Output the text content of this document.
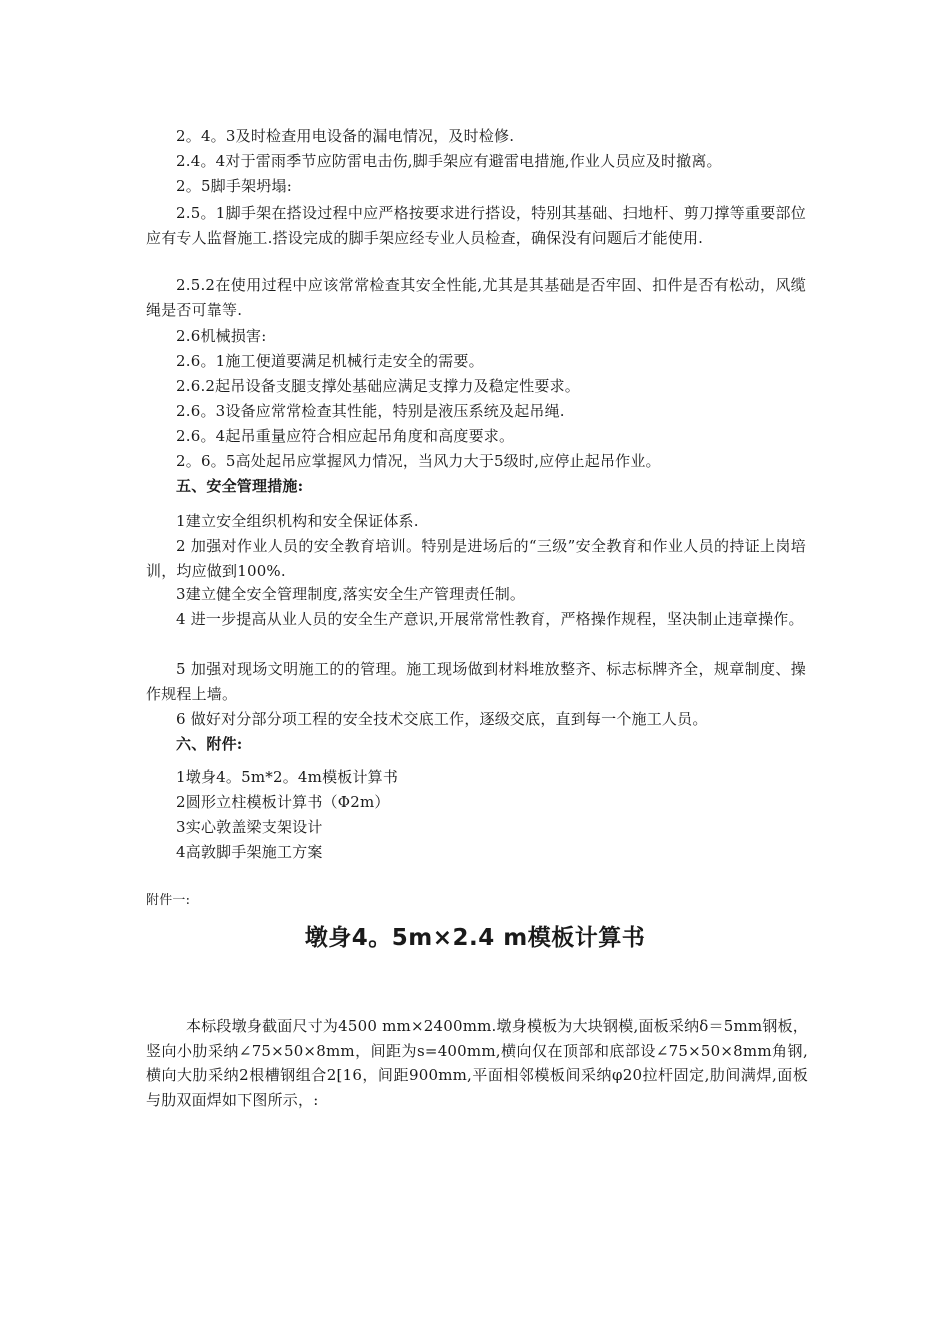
2。4。3及时检查用电设备的漏电情况，及时检修.
2.4。4对于雷雨季节应防雷电击伤,脚手架应有避雷电措施,作业人员应及时撤离。
2。5脚手架坍塌:
2.5。1脚手架在搭设过程中应严格按要求进行搭设，特别其基础、扫地杆、剪刀撑等重要部位应有专人监督施工.搭设完成的脚手架应经专业人员检查，确保没有问题后才能使用.
2.5.2在使用过程中应该常常检查其安全性能,尤其是其基础是否牢固、扣件是否有松动，风缆绳是否可靠等.
2.6机械损害:
2.6。1施工便道要满足机械行走安全的需要。
2.6.2起吊设备支腿支撑处基础应满足支撑力及稳定性要求。
2.6。3设备应常常检查其性能，特别是液压系统及起吊绳.
2.6。4起吊重量应符合相应起吊角度和高度要求。
2。6。5高处起吊应掌握风力情况，当风力大于5级时,应停止起吊作业。
五、安全管理措施:
1建立安全组织机构和安全保证体系.
2 加强对作业人员的安全教育培训。特别是进场后的“三级”安全教育和作业人员的持证上岗培训，均应做到100%.
3建立健全安全管理制度,落实安全生产管理责任制。
4 进一步提高从业人员的安全生产意识,开展常常性教育，严格操作规程，坚决制止违章操作。
5 加强对现场文明施工的的管理。施工现场做到材料堆放整齐、标志标牌齐全，规章制度、操作规程上墙。
6 做好对分部分项工程的安全技术交底工作，逐级交底，直到每一个施工人员。
六、附件:
1墩身4。5m*2。4m模板计算书
2圆形立柱模板计算书（Φ2m）
3实心敦盖梁支架设计
4高敦脚手架施工方案
附件一:
墩身4。5m×2.4 m模板计算书
本标段墩身截面尺寸为4500 mm×2400mm.墩身模板为大块钢模,面板采纳δ＝5mm钢板，竖向小肋采纳∠75×50×8mm，间距为s=400mm,横向仅在顶部和底部设∠75×50×8mm角钢,横向大肋采纳2根槽钢组合2[16，间距900mm,平面相邻模板间采纳φ20拉杆固定,肋间满焊,面板与肋双面焊如下图所示，:
